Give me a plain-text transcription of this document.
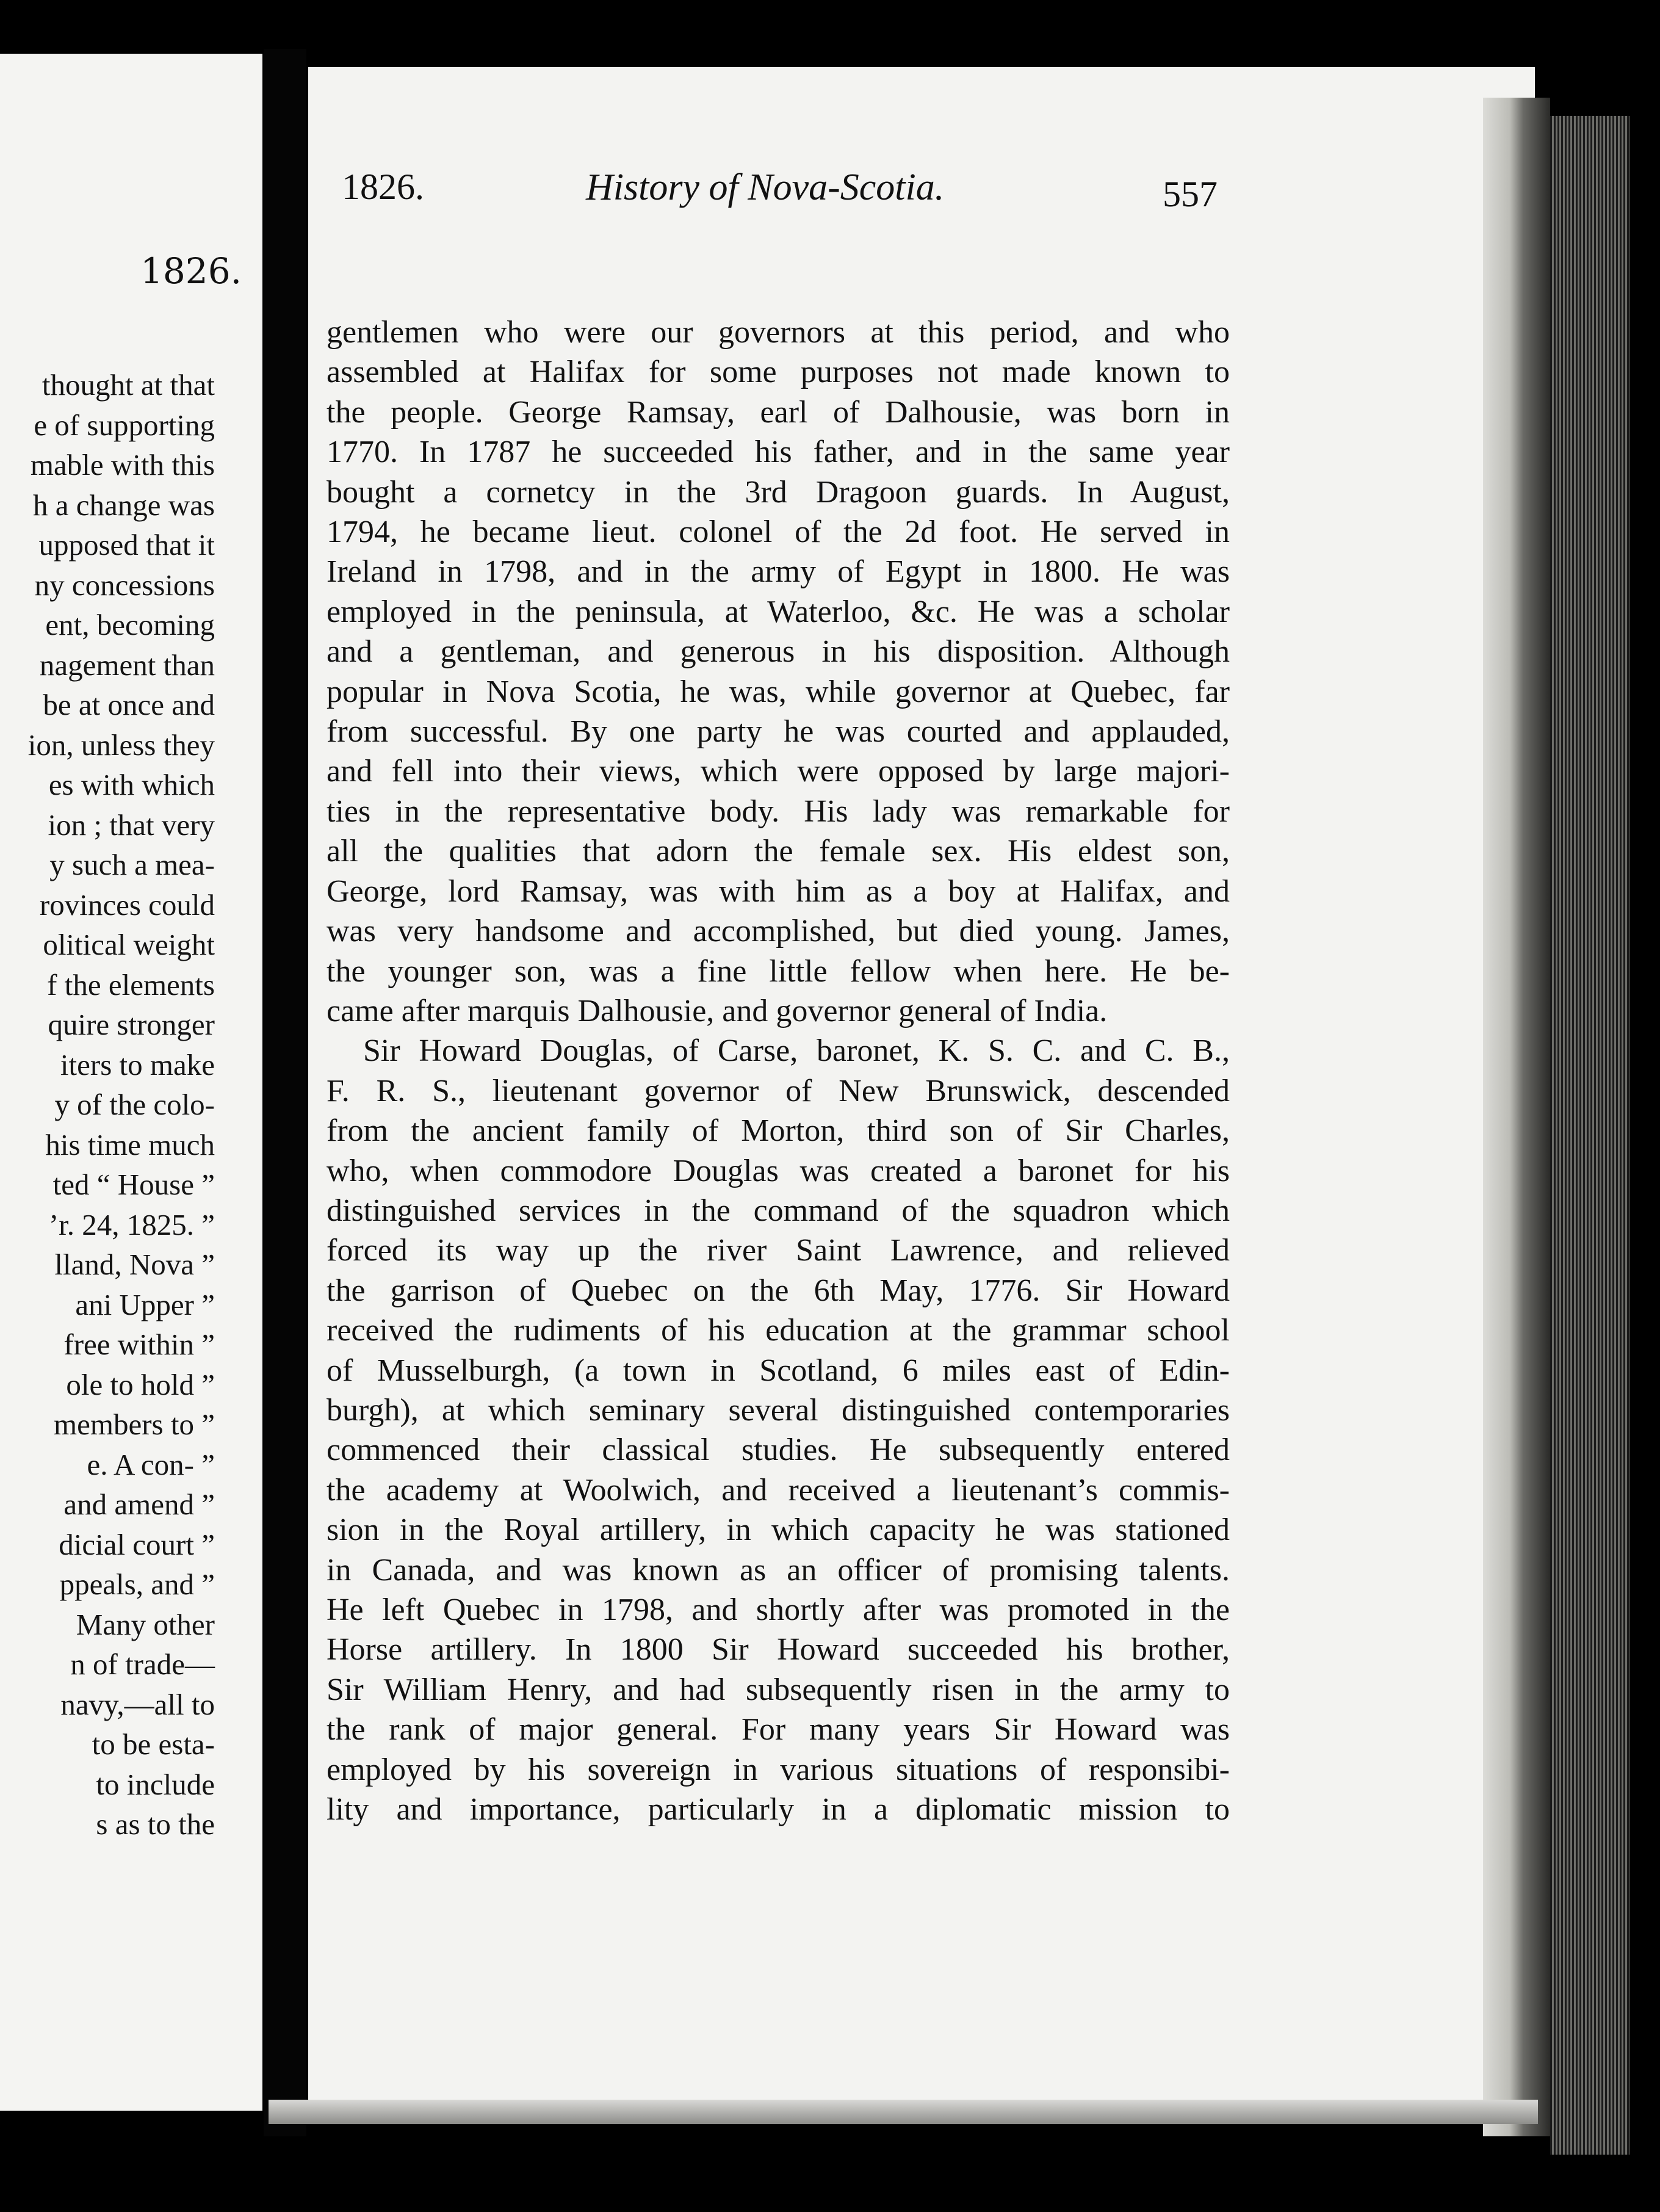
1826.
thought at that
e of supporting
mable with this
h a change was
upposed that it
ny concessions
ent, becoming
nagement than
be at once and
ion, unless they
es with which
ion ; that very
y such a mea-
rovinces could
olitical weight
f the elements
quire stronger
iters to make
y of the colo-
his time much
ted “ House ”
’r. 24, 1825. ”
lland, Nova ”
ani Upper ”
free within ”
ole to hold ”
members to ”
e. A con- ”
and amend ”
dicial court ”
ppeals, and ”
Many other
n of trade—
navy,—all to
to be esta-
to include
s as to the
1826.	History of Nova-Scotia.	557
gentlemen who were our governors at this period, and who
assembled at Halifax for some purposes not made known to
the people. George Ramsay, earl of Dalhousie, was born in
1770. In 1787 he succeeded his father, and in the same year
bought a cornetcy in the 3rd Dragoon guards. In August,
1794, he became lieut. colonel of the 2d foot. He served in
Ireland in 1798, and in the army of Egypt in 1800. He was
employed in the peninsula, at Waterloo, &c. He was a scholar
and a gentleman, and generous in his disposition. Although
popular in Nova Scotia, he was, while governor at Quebec, far
from successful. By one party he was courted and applauded,
and fell into their views, which were opposed by large majori-
ties in the representative body. His lady was remarkable for
all the qualities that adorn the female sex. His eldest son,
George, lord Ramsay, was with him as a boy at Halifax, and
was very handsome and accomplished, but died young. James,
the younger son, was a fine little fellow when here. He be-
came after marquis Dalhousie, and governor general of India.
Sir Howard Douglas, of Carse, baronet, K. S. C. and C. B.,
F. R. S., lieutenant governor of New Brunswick, descended
from the ancient family of Morton, third son of Sir Charles,
who, when commodore Douglas was created a baronet for his
distinguished services in the command of the squadron which
forced its way up the river Saint Lawrence, and relieved
the garrison of Quebec on the 6th May, 1776. Sir Howard
received the rudiments of his education at the grammar school
of Musselburgh, (a town in Scotland, 6 miles east of Edin-
burgh), at which seminary several distinguished contemporaries
commenced their classical studies. He subsequently entered
the academy at Woolwich, and received a lieutenant’s commis-
sion in the Royal artillery, in which capacity he was stationed
in Canada, and was known as an officer of promising talents.
He left Quebec in 1798, and shortly after was promoted in the
Horse artillery. In 1800 Sir Howard succeeded his brother,
Sir William Henry, and had subsequently risen in the army to
the rank of major general. For many years Sir Howard was
employed by his sovereign in various situations of responsibi-
lity and importance, particularly in a diplomatic mission to
